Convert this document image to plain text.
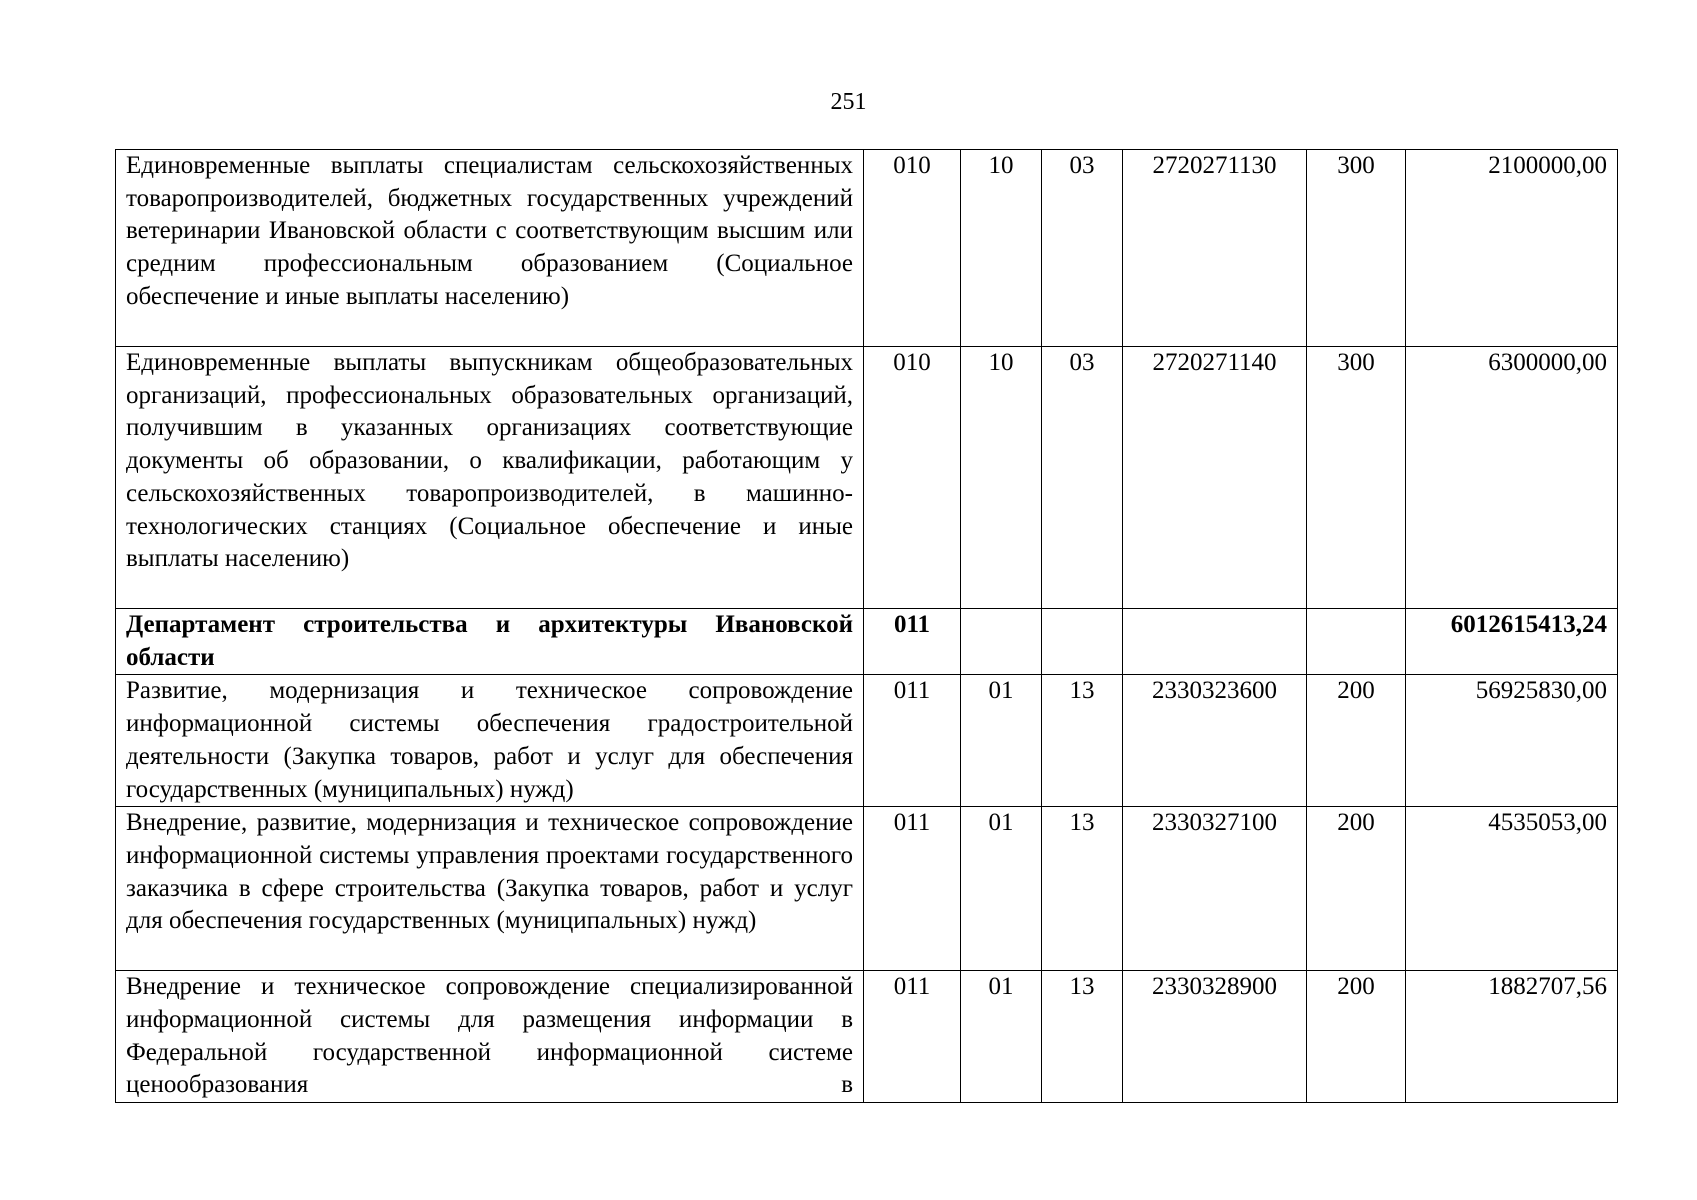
251
Единовременные выплаты специалистам сельскохозяйственных товаропроизводителей, бюджетных государственных учреждений ветеринарии Ивановской области с соответствующим высшим или средним профессиональным образованием (Социальное обеспечение и иные выплаты населению)	010	10	03	2720271130	300	2100000,00
Единовременные выплаты выпускникам общеобразовательных организаций, профессиональных образовательных организаций, получившим в указанных организациях соответствующие документы об образовании, о квалификации, работающим у сельскохозяйственных товаропроизводителей, в машинно-технологических станциях (Социальное обеспечение и иные выплаты населению)	010	10	03	2720271140	300	6300000,00
Департамент строительства и архитектуры Ивановской области	011					6012615413,24
Развитие, модернизация и техническое сопровождение информационной системы обеспечения градостроительной деятельности (Закупка товаров, работ и услуг для обеспечения государственных (муниципальных) нужд)	011	01	13	2330323600	200	56925830,00
Внедрение, развитие, модернизация и техническое сопровождение информационной системы управления проектами государственного заказчика в сфере строительства (Закупка товаров, работ и услуг для обеспечения государственных (муниципальных) нужд)	011	01	13	2330327100	200	4535053,00
Внедрение и техническое сопровождение специализированной информационной системы для размещения информации в Федеральной государственной информационной системе ценообразования в	011	01	13	2330328900	200	1882707,56
